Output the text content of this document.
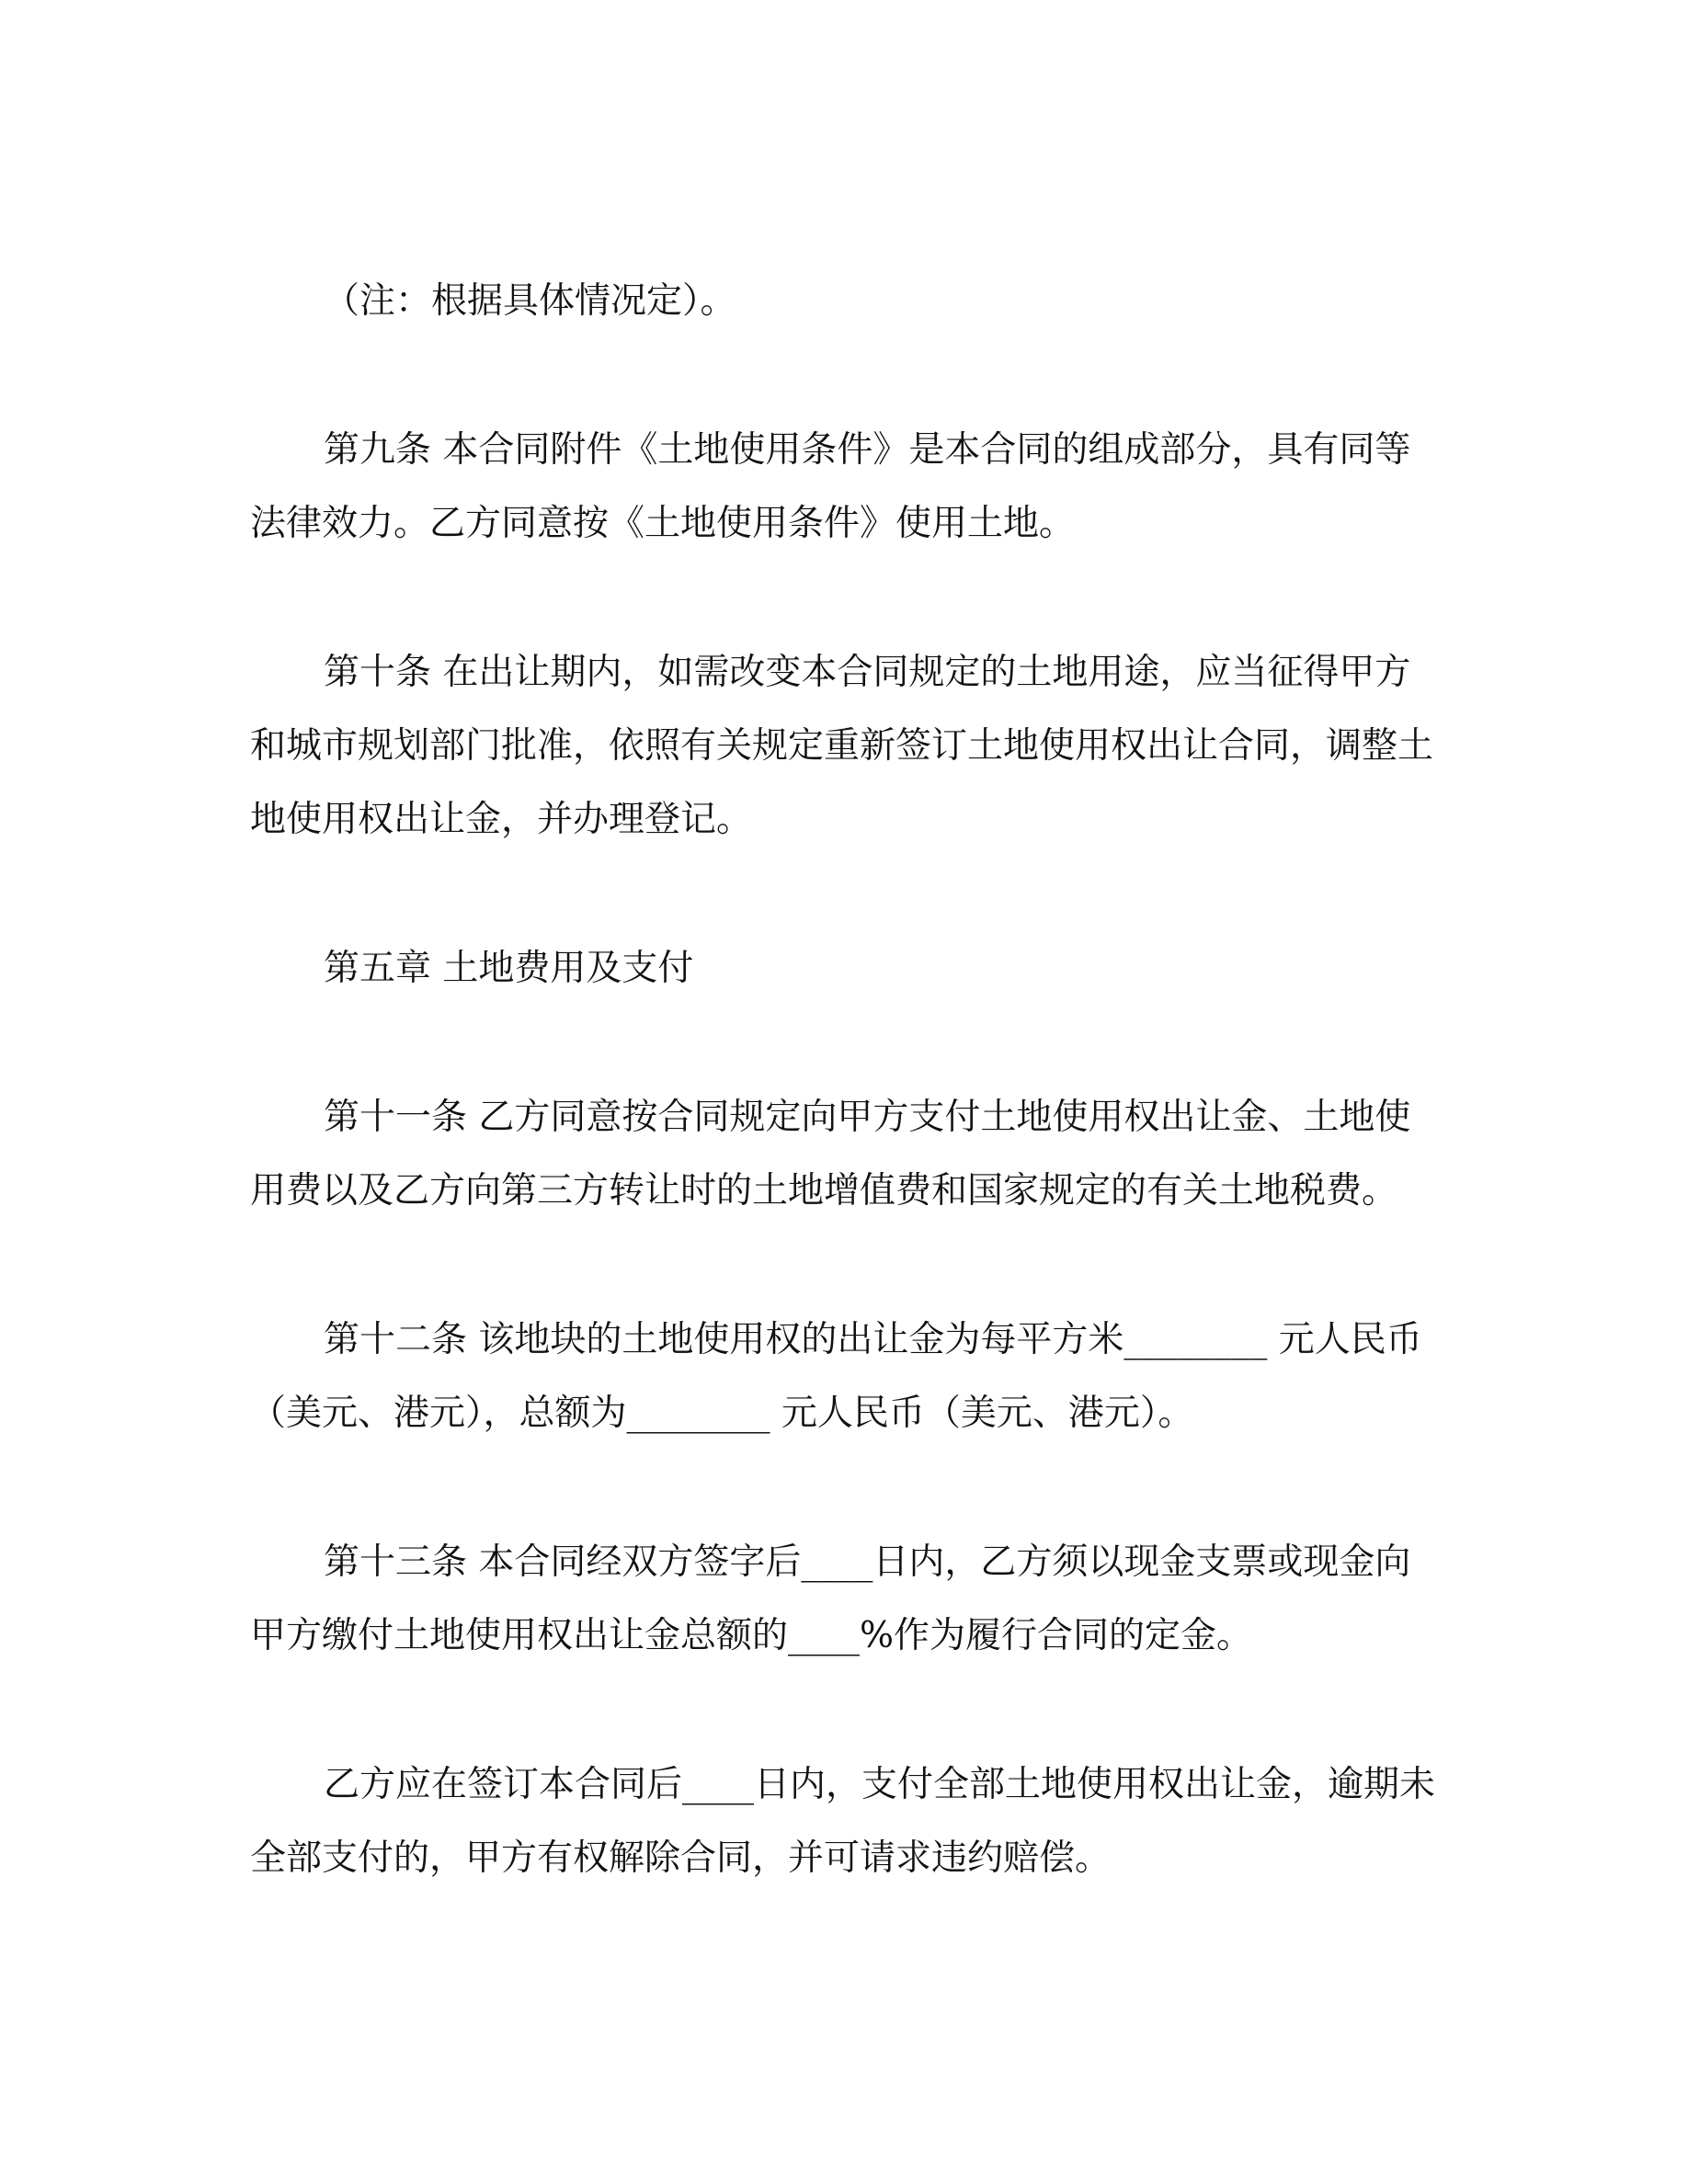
（注：根据具体情况定）。

第九条 本合同附件《土地使用条件》是本合同的组成部分，具有同等法律效力。乙方同意按《土地使用条件》使用土地。

第十条 在出让期内，如需改变本合同规定的土地用途，应当征得甲方和城市规划部门批准，依照有关规定重新签订土地使用权出让合同，调整土地使用权出让金，并办理登记。

第五章 土地费用及支付

第十一条 乙方同意按合同规定向甲方支付土地使用权出让金、土地使用费以及乙方向第三方转让时的土地增值费和国家规定的有关土地税费。

第十二条 该地块的土地使用权的出让金为每平方米________ 元人民币（美元、港元），总额为________ 元人民币（美元、港元）。

第十三条 本合同经双方签字后____日内，乙方须以现金支票或现金向甲方缴付土地使用权出让金总额的____%作为履行合同的定金。

乙方应在签订本合同后____日内，支付全部土地使用权出让金，逾期未全部支付的，甲方有权解除合同，并可请求违约赔偿。
